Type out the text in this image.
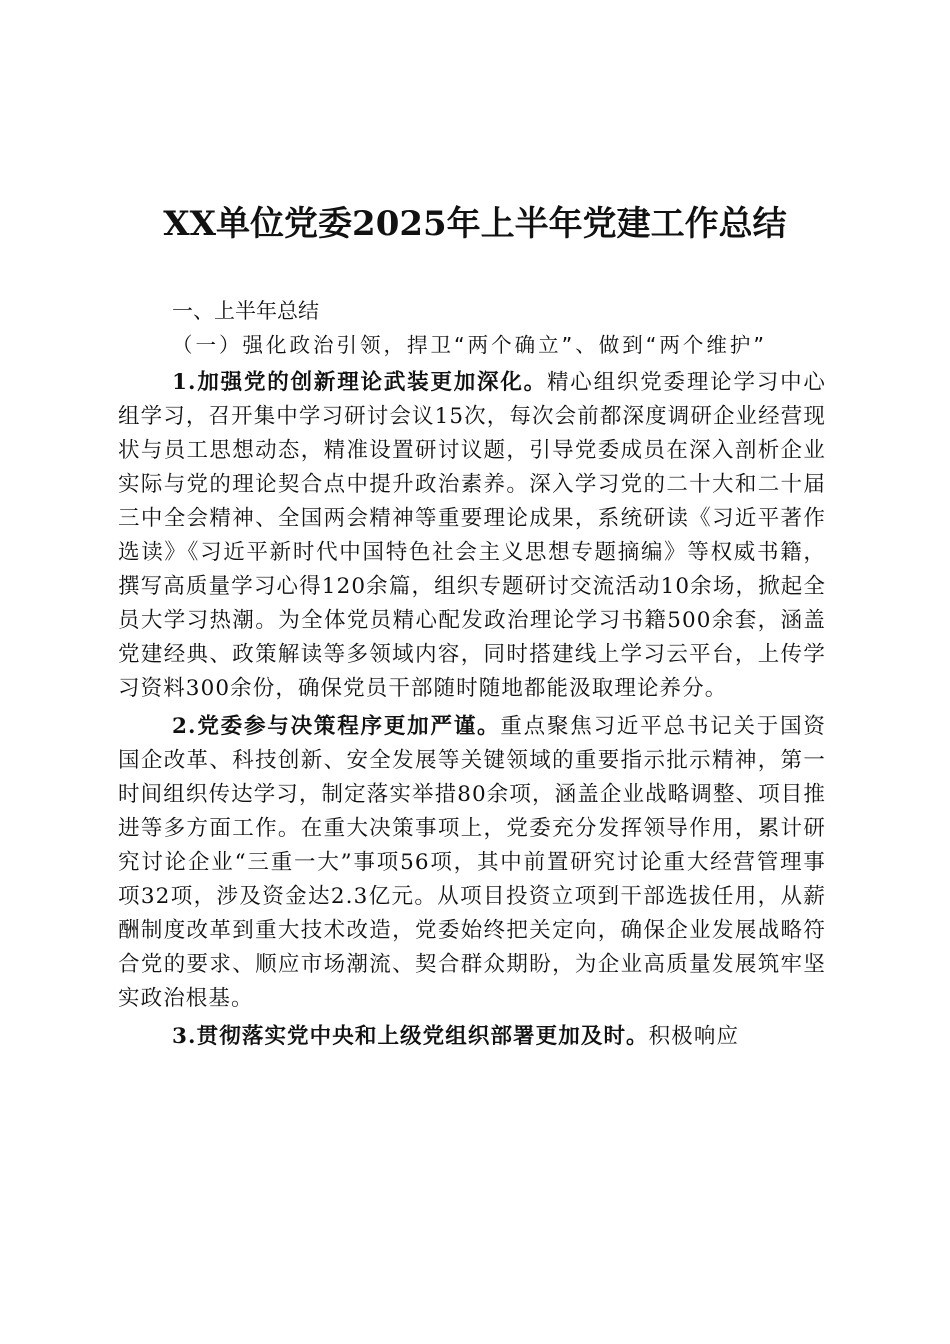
XX单位党委2025年上半年党建工作总结
一、上半年总结
（一）强化政治引领，捍卫“两个确立”、做到“两个维护”

1.加强党的创新理论武装更加深化。精心组织党委理论学习中心组学习，召开集中学习研讨会议15次，每次会前都深度调研企业经营现状与员工思想动态，精准设置研讨议题，引导党委成员在深入剖析企业实际与党的理论契合点中提升政治素养。深入学习党的二十大和二十届三中全会精神、全国两会精神等重要理论成果，系统研读《习近平著作选读》《习近平新时代中国特色社会主义思想专题摘编》等权威书籍，撰写高质量学习心得120余篇，组织专题研讨交流活动10余场，掀起全员大学习热潮。为全体党员精心配发政治理论学习书籍500余套，涵盖党建经典、政策解读等多领域内容，同时搭建线上学习云平台，上传学习资料300余份，确保党员干部随时随地都能汲取理论养分。

2.党委参与决策程序更加严谨。重点聚焦习近平总书记关于国资国企改革、科技创新、安全发展等关键领域的重要指示批示精神，第一时间组织传达学习，制定落实举措80余项，涵盖企业战略调整、项目推进等多方面工作。在重大决策事项上，党委充分发挥领导作用，累计研究讨论企业“三重一大”事项56项，其中前置研究讨论重大经营管理事项32项，涉及资金达2.3亿元。从项目投资立项到干部选拔任用，从薪酬制度改革到重大技术改造，党委始终把关定向，确保企业发展战略符合党的要求、顺应市场潮流、契合群众期盼，为企业高质量发展筑牢坚实政治根基。

3.贯彻落实党中央和上级党组织部署更加及时。积极响应
